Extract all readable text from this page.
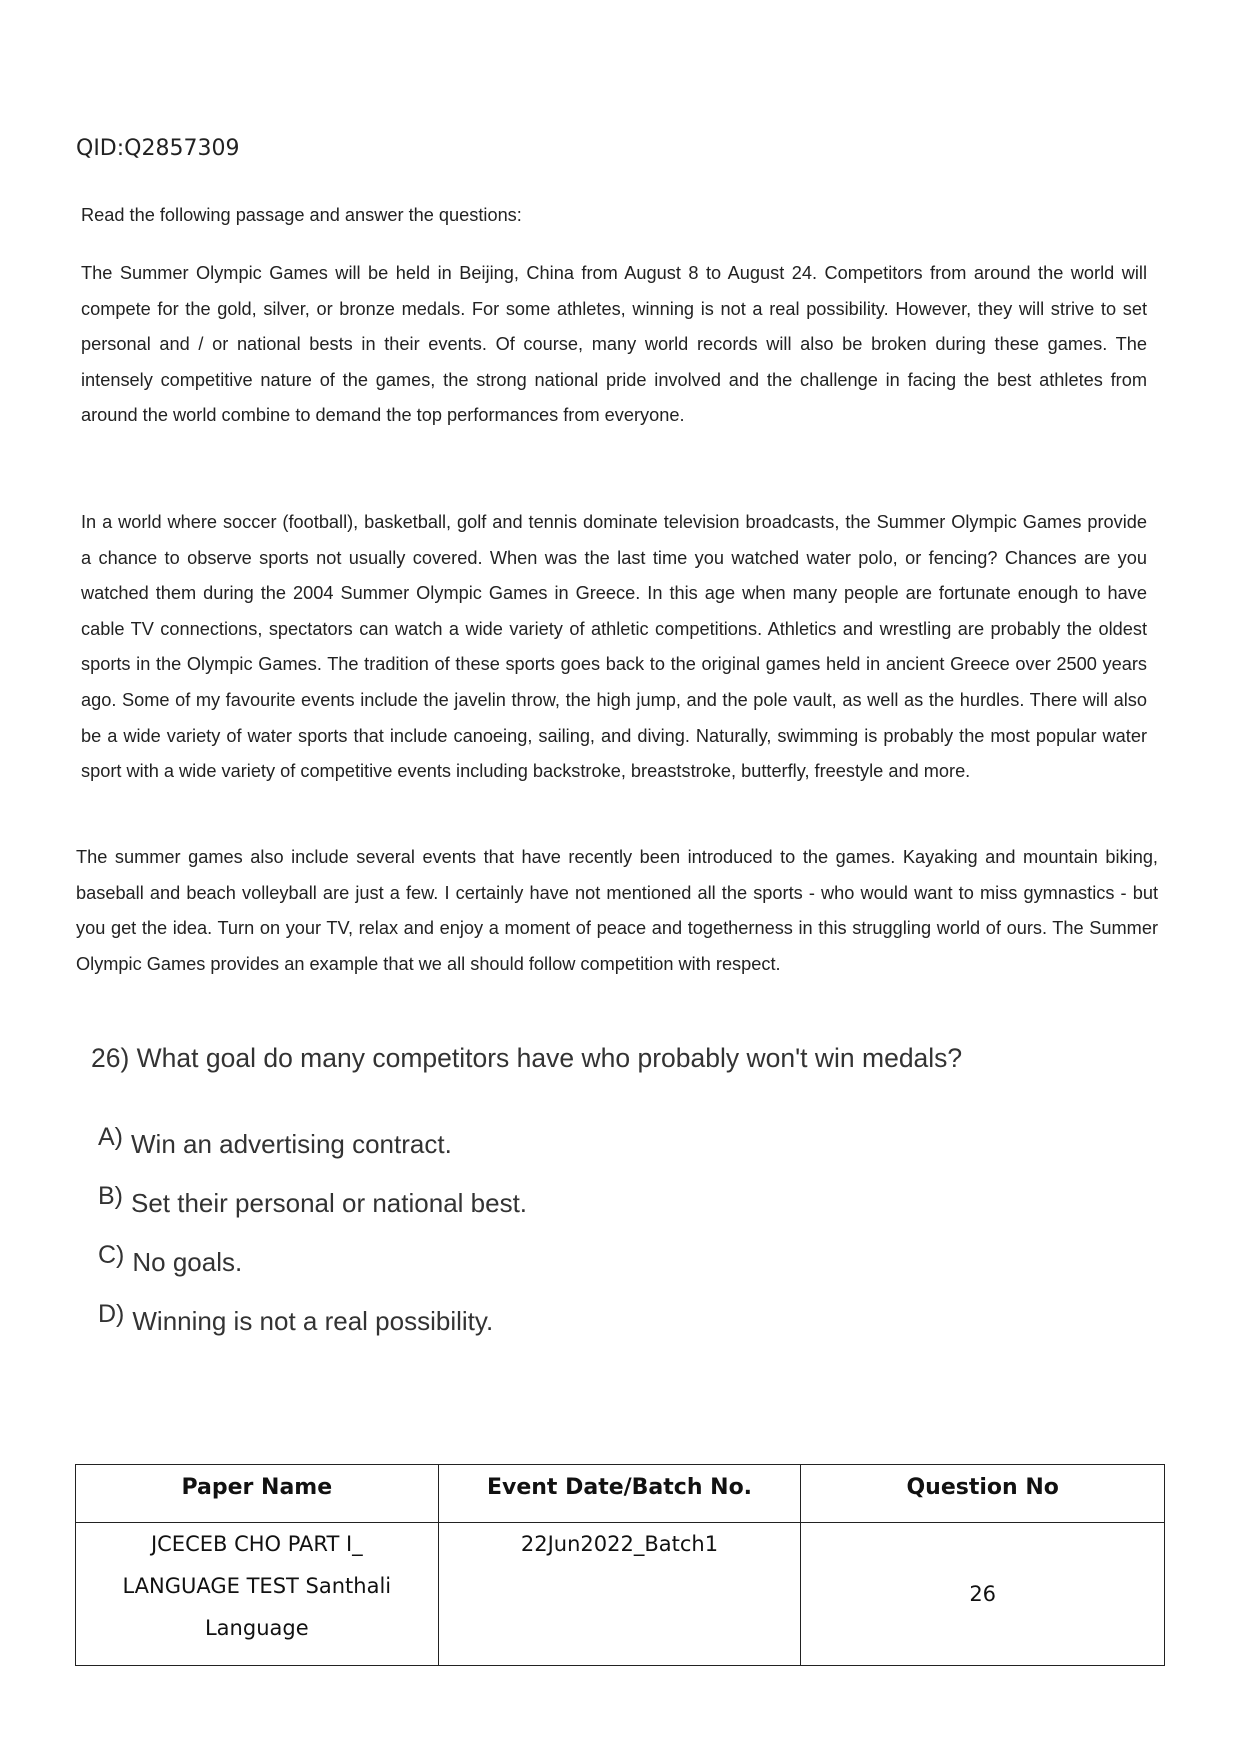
QID:Q2857309
Read the following passage and answer the questions:
The Summer Olympic Games will be held in Beijing, China from August 8 to August 24. Competitors from around the world will compete for the gold, silver, or bronze medals. For some athletes, winning is not a real possibility. However, they will strive to set personal and / or national bests in their events. Of course, many world records will also be broken during these games. The intensely competitive nature of the games, the strong national pride involved and the challenge in facing the best athletes from around the world combine to demand the top performances from everyone.
In a world where soccer (football), basketball, golf and tennis dominate television broadcasts, the Summer Olympic Games provide a chance to observe sports not usually covered. When was the last time you watched water polo, or fencing? Chances are you watched them during the 2004 Summer Olympic Games in Greece. In this age when many people are fortunate enough to have cable TV connections, spectators can watch a wide variety of athletic competitions. Athletics and wrestling are probably the oldest sports in the Olympic Games. The tradition of these sports goes back to the original games held in ancient Greece over 2500 years ago. Some of my favourite events include the javelin throw, the high jump, and the pole vault, as well as the hurdles. There will also be a wide variety of water sports that include canoeing, sailing, and diving. Naturally, swimming is probably the most popular water sport with a wide variety of competitive events including backstroke, breaststroke, butterfly, freestyle and more.
The summer games also include several events that have recently been introduced to the games. Kayaking and mountain biking, baseball and beach volleyball are just a few. I certainly have not mentioned all the sports - who would want to miss gymnastics - but you get the idea. Turn on your TV, relax and enjoy a moment of peace and togetherness in this struggling world of ours. The Summer Olympic Games provides an example that we all should follow competition with respect.
26) What goal do many competitors have who probably won't win medals?
A) Win an advertising contract.
B) Set their personal or national best.
C) No goals.
D) Winning is not a real possibility.
Paper Name	Event Date/Batch No.	Question No

JCECEB CHO PART I_
LANGUAGE TEST Santhali
Language	22Jun2022_Batch1	26
